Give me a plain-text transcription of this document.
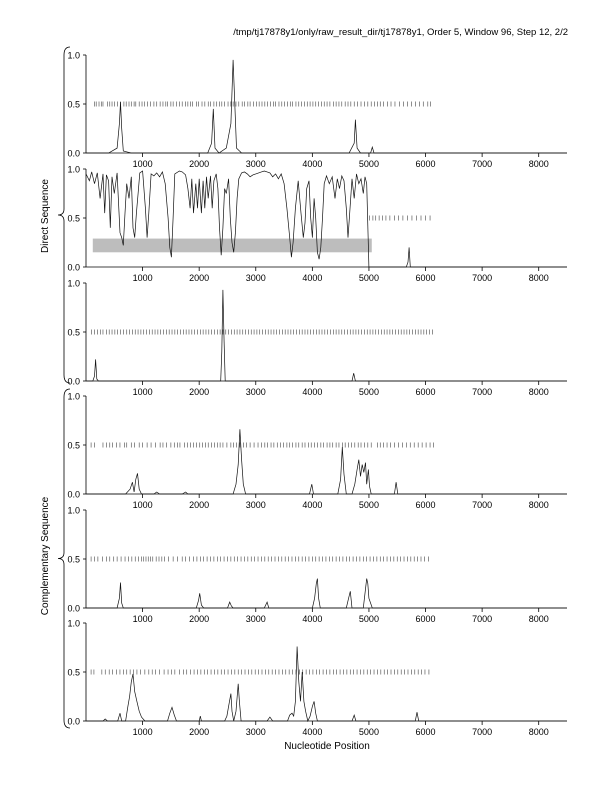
/tmp/tj17878y1/only/raw_result_dir/tj17878y1, Order 5, Window 96, Step 12, 2/2
Direct Sequence
Complementary Sequence
Nucleotide Position
0.0
0.5
1.0
1000	2000	3000	4000	5000	6000	7000	8000
0.0
0.5
1.0
1000	2000	3000	4000	5000	6000	7000	8000
0.0
0.5
1.0
1000	2000	3000	4000	5000	6000	7000	8000
0.0
0.5
1.0
1000	2000	3000	4000	5000	6000	7000	8000
0.0
0.5
1.0
1000	2000	3000	4000	5000	6000	7000	8000
0.0
0.5
1.0
1000	2000	3000	4000	5000	6000	7000	8000
